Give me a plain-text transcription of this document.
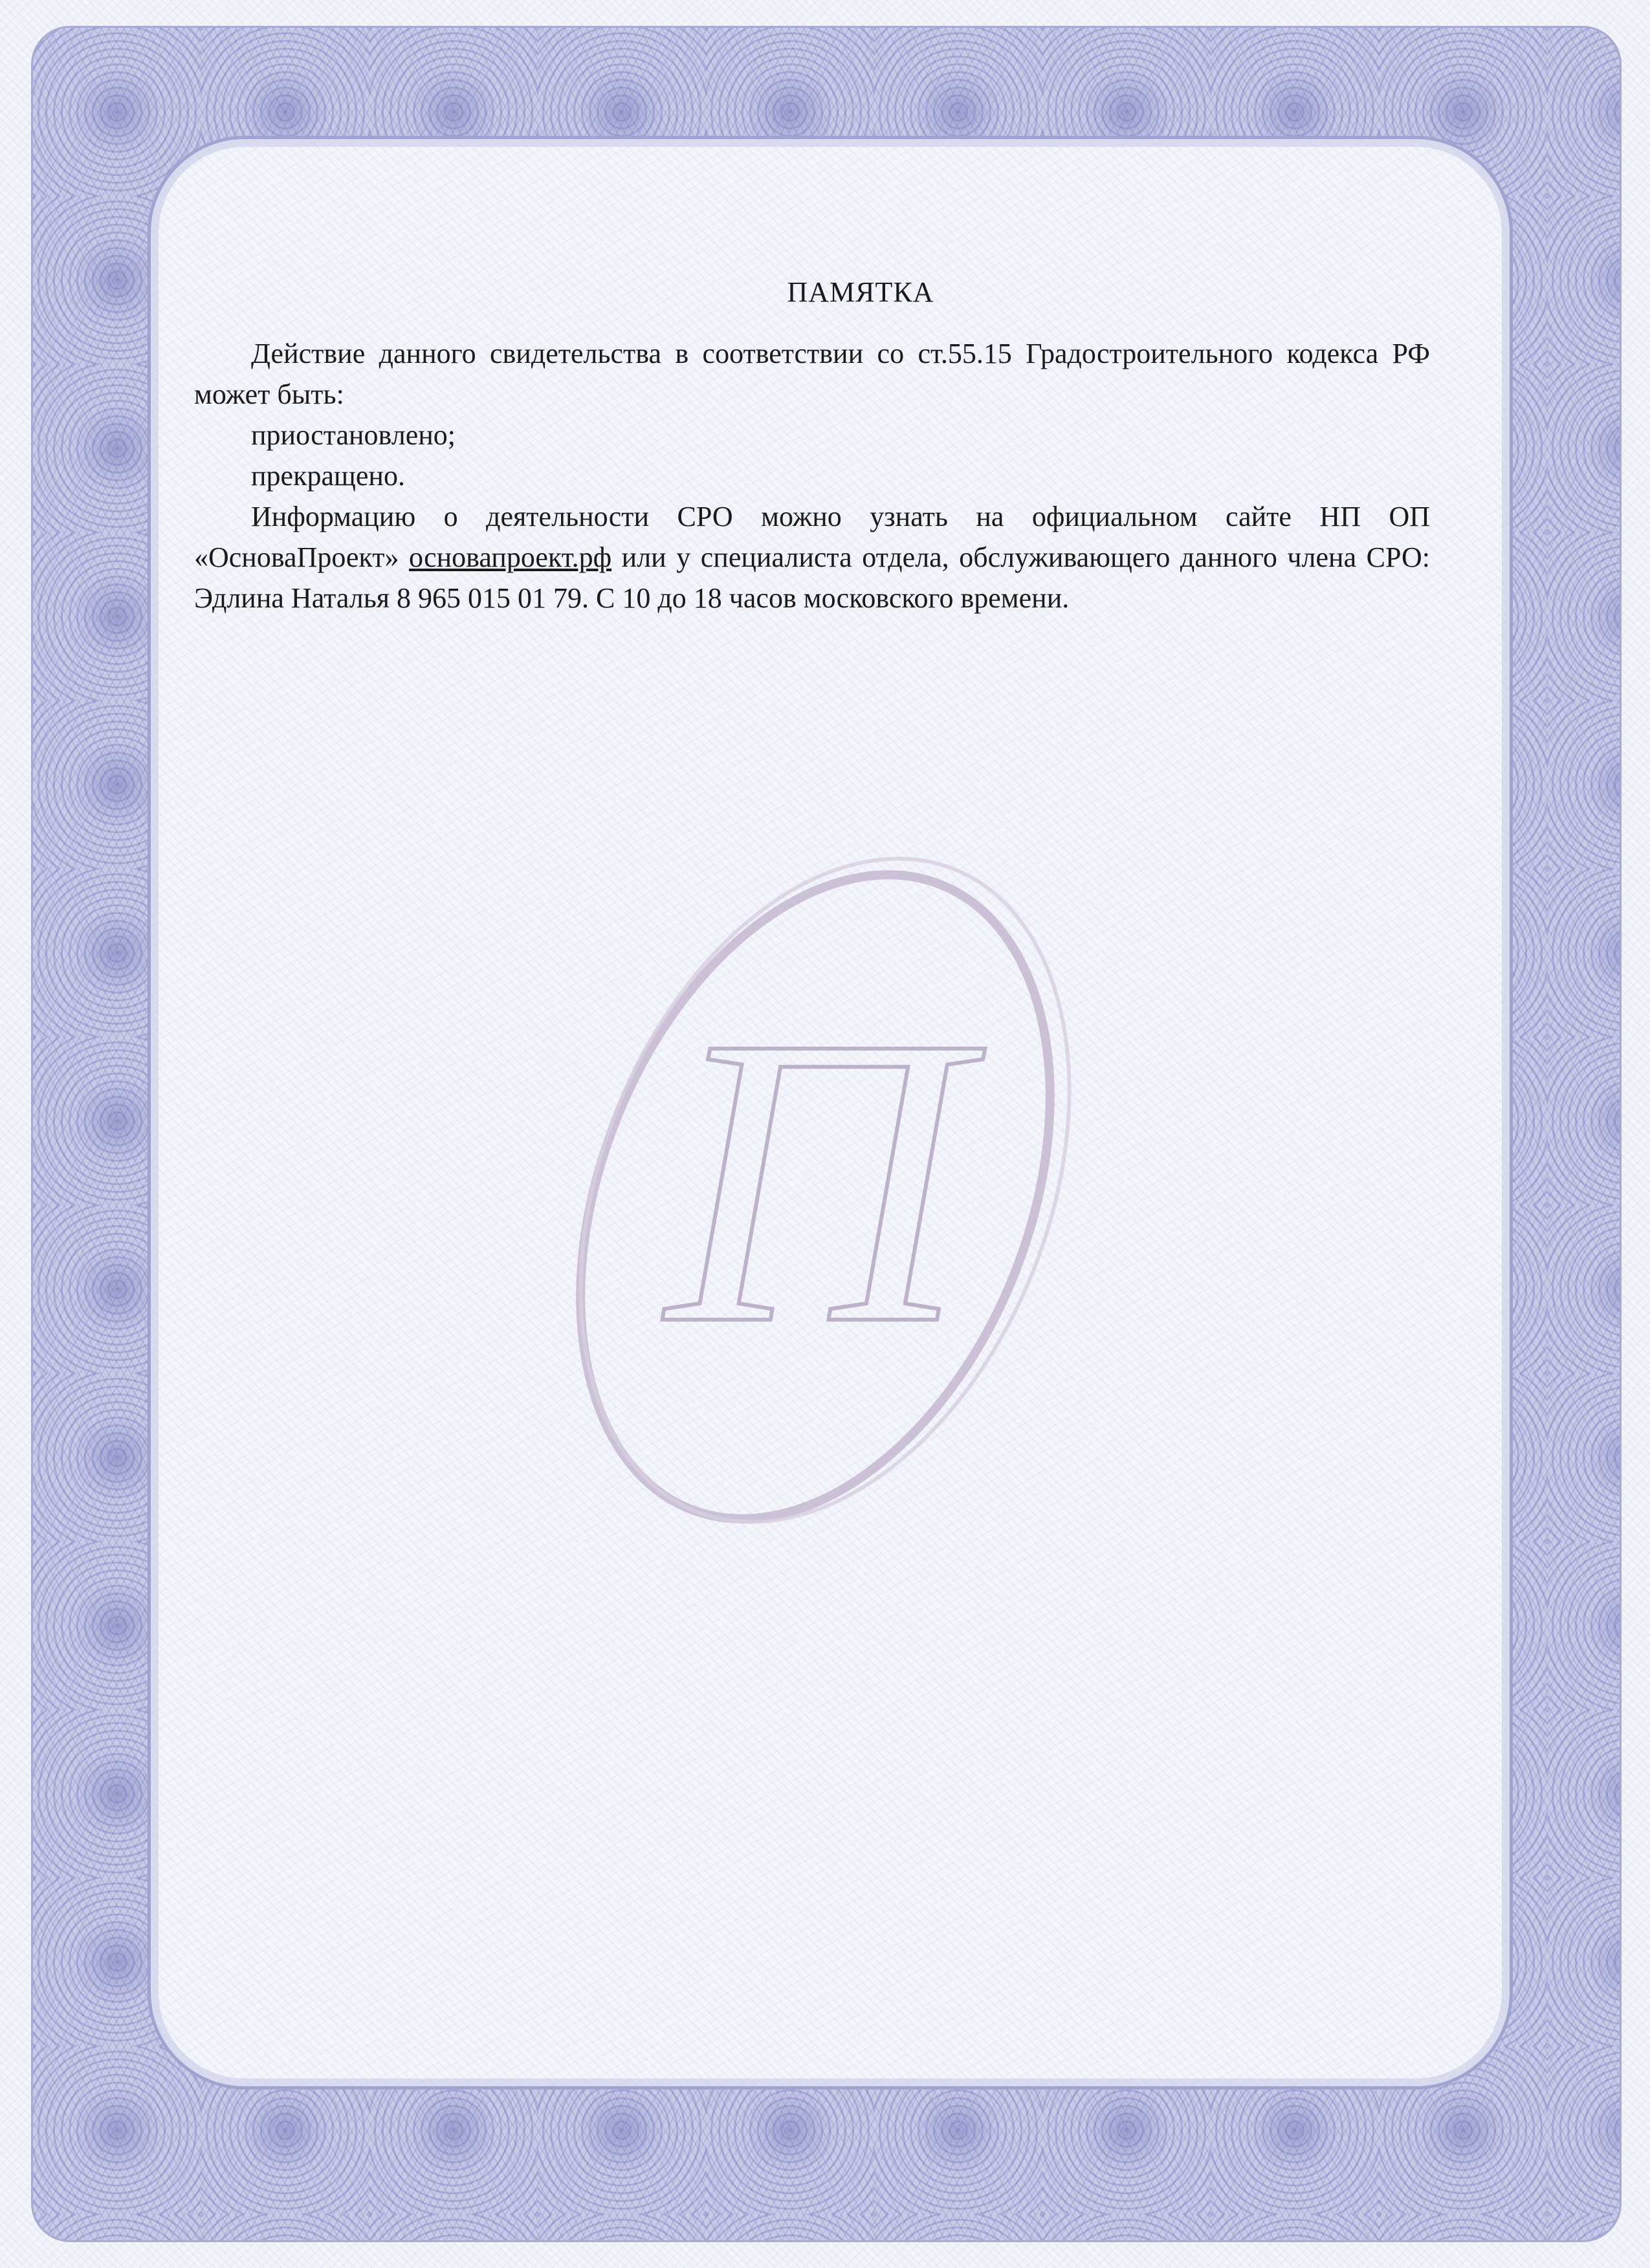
П

ПАМЯТКА

Действие данного свидетельства в соответствии со ст.55.15 Градостроительного кодекса РФ может быть:

приостановлено;

прекращено.

Информацию о деятельности СРО можно узнать на официальном сайте НП ОП «ОсноваПроект» основапроект.рф или у специалиста отдела, обслуживающего данного члена СРО: Эдлина Наталья 8 965 015 01 79. С 10 до 18 часов московского времени.
